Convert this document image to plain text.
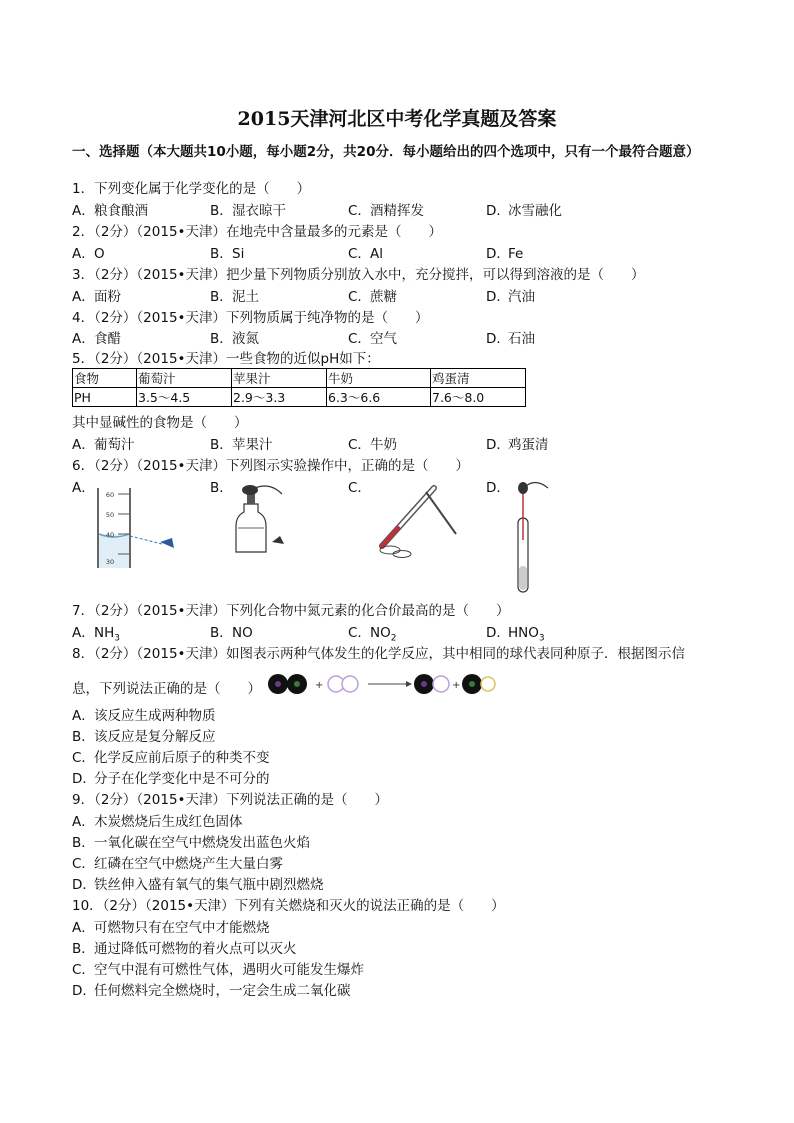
2015天津河北区中考化学真题及答案
一、选择题（本大题共10小题，每小题2分，共20分．每小题给出的四个选项中，只有一个最符合题意）
1．下列变化属于化学变化的是（　　）
A．粮食酿酒	B．湿衣晾干	C．酒精挥发	D．冰雪融化
2．（2分）（2015•天津）在地壳中含量最多的元素是（　　）
A．O	B．Si	C．Al	D．Fe
3．（2分）（2015•天津）把少量下列物质分别放入水中，充分搅拌，可以得到溶液的是（　　）
A．面粉	B．泥土	C．蔗糖	D．汽油
4．（2分）（2015•天津）下列物质属于纯净物的是（　　）
A．食醋	B．液氮	C．空气	D．石油
5．（2分）（2015•天津）一些食物的近似pH如下：
食物	葡萄汁	苹果汁	牛奶	鸡蛋清
PH	3.5～4.5	2.9～3.3	6.3～6.6	7.6～8.0
其中显碱性的食物是（　　）
A．葡萄汁	B．苹果汁	C．牛奶	D．鸡蛋清
6．（2分）（2015•天津）下列图示实验操作中，正确的是（　　）
A．	B．	C．	D．
60
50
40
30
7．（2分）（2015•天津）下列化合物中氮元素的化合价最高的是（　　）
A．$NH_3$	B．NO	C．$NO_2$	D．$HNO_3$
8．（2分）（2015•天津）如图表示两种气体发生的化学反应，其中相同的球代表同种原子．根据图示信
息，下列说法正确的是（　　）	+	+
A．该反应生成两种物质
B．该反应是复分解反应
C．化学反应前后原子的种类不变
D．分子在化学变化中是不可分的
9．（2分）（2015•天津）下列说法正确的是（　　）
A．木炭燃烧后生成红色固体
B．一氧化碳在空气中燃烧发出蓝色火焰
C．红磷在空气中燃烧产生大量白雾
D．铁丝伸入盛有氧气的集气瓶中剧烈燃烧
10．（2分）（2015•天津）下列有关燃烧和灭火的说法正确的是（　　）
A．可燃物只有在空气中才能燃烧
B．通过降低可燃物的着火点可以灭火
C．空气中混有可燃性气体，遇明火可能发生爆炸
D．任何燃料完全燃烧时，一定会生成二氧化碳
